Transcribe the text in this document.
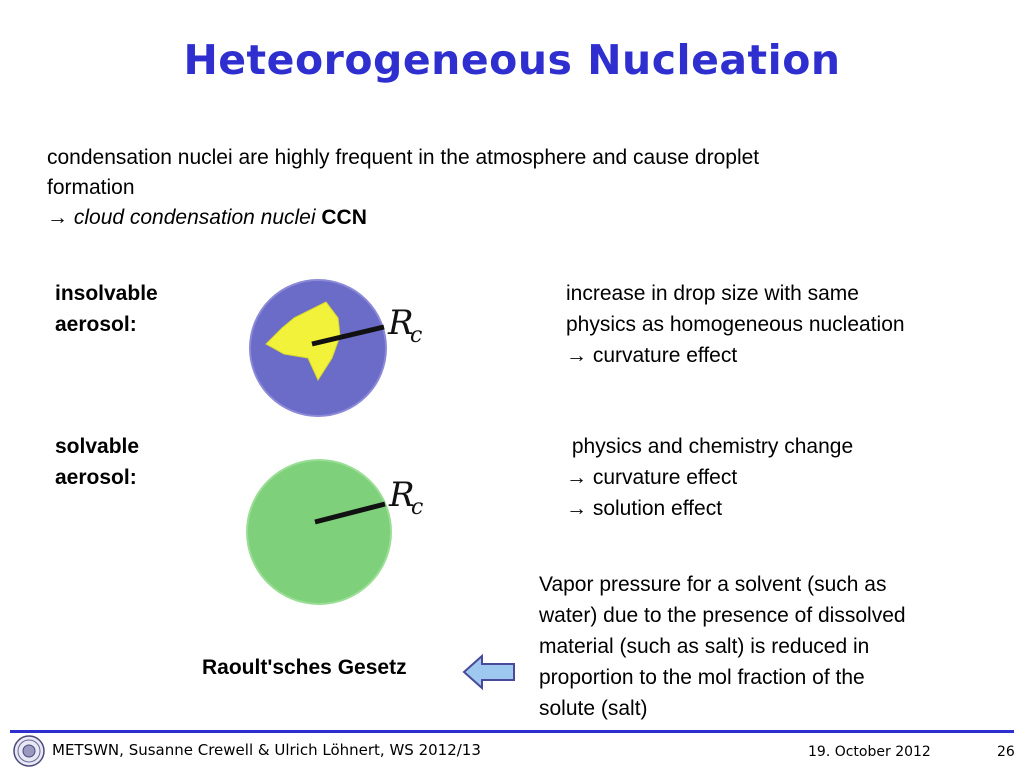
Heteorogeneous Nucleation
condensation nuclei are highly frequent in the atmosphere and cause droplet
formation
→ cloud condensation nuclei CCN
insolvable
aerosol:	R
c
increase in drop size with same
physics as homogeneous nucleation
→ curvature effect
solvable
aerosol:	R
c
physics and chemistry change
→ curvature effect
→ solution effect
Vapor pressure for a solvent (such as
water) due to the presence of dissolved
material (such as salt) is reduced in
proportion to the mol fraction of the
solute (salt)
Raoult'sches Gesetz
METSWN, Susanne Crewell & Ulrich Löhnert, WS 2012/13	19. October 2012	26
